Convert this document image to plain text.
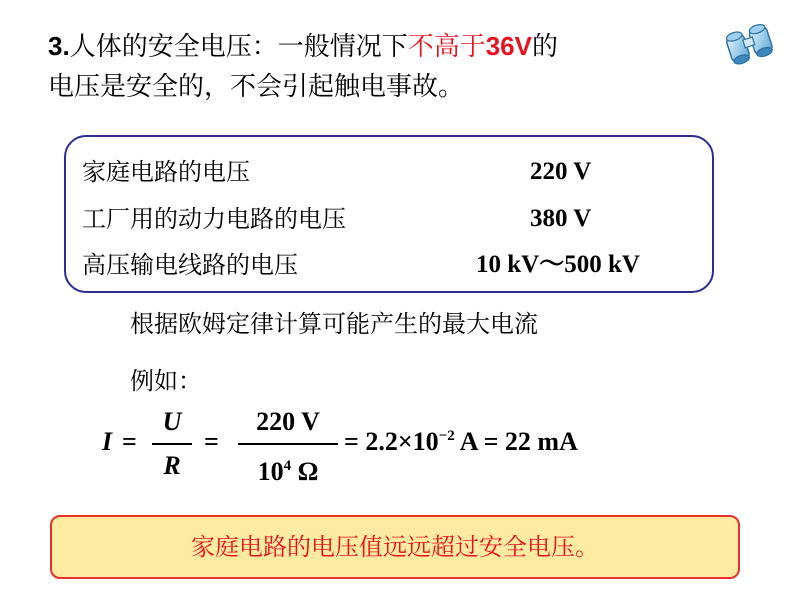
3.人体的安全电压：一般情况下不高于36V的
电压是安全的，不会引起触电事故。
家庭电路的电压	220 V
工厂用的动力电路的电压	380 V
高压输电线路的电压	10 kV～500 kV
根据欧姆定律计算可能产生的最大电流
例如：
I =
U
R
=
220 V
$10^4$ Ω
= $2.2\times 10^{-2}$ A = 22 mA
家庭电路的电压值远远超过安全电压。
